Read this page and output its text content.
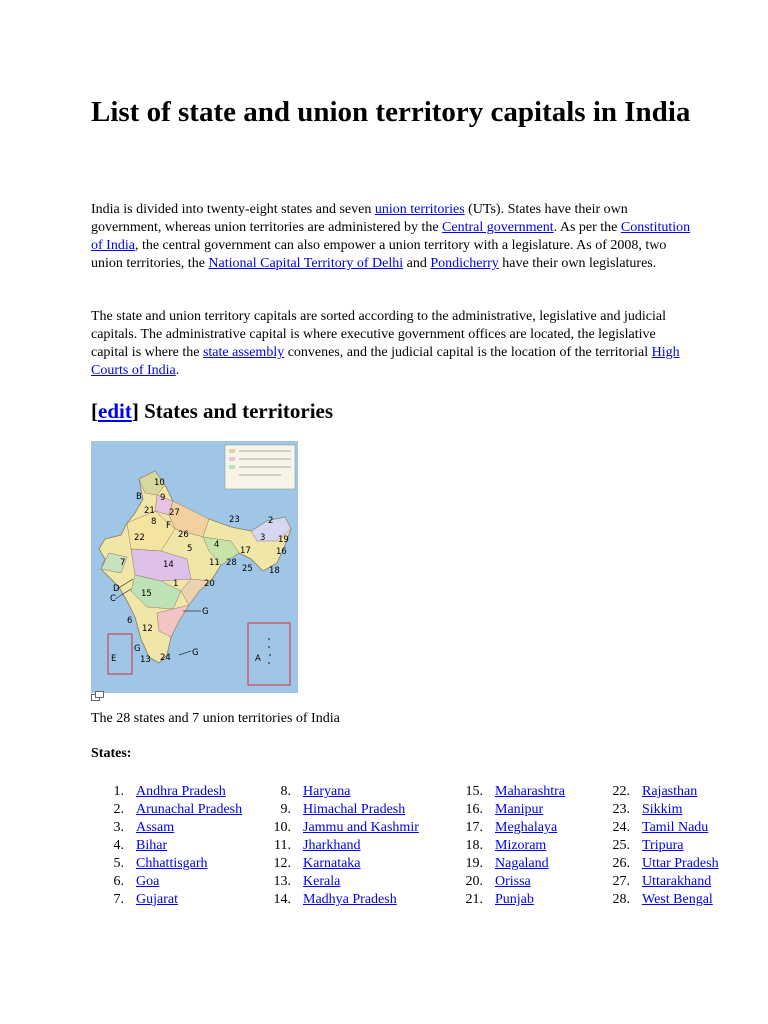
List of state and union territory capitals in India

India is divided into twenty-eight states and seven union territories (UTs). States have their own government, whereas union territories are administered by the Central government. As per the Constitution of India, the central government can also empower a union territory with a legislature. As of 2008, two union territories, the National Capital Territory of Delhi and Pondicherry have their own legislatures.

The state and union territory capitals are sorted according to the administrative, legislative and judicial capitals. The administrative capital is where executive government offices are located, the legislative capital is where the state assembly convenes, and the judicial capital is the location of the territorial High Courts of India.

[edit] States and territories
1
2
3
4
5
6
7
8
9
10
11
12
13
14
15
16
17
18
19
20
21
22
23
24
25
26
27
28
A
B
C
D
E
F
G
G	G

The 28 states and 7 union territories of India

States:

1. Andhra Pradesh
2. Arunachal Pradesh
3. Assam
4. Bihar
5. Chhattisgarh
6. Goa
7. Gujarat
8. Haryana
9. Himachal Pradesh
10. Jammu and Kashmir
11. Jharkhand
12. Karnataka
13. Kerala
14. Madhya Pradesh
15. Maharashtra
16. Manipur
17. Meghalaya
18. Mizoram
19. Nagaland
20. Orissa
21. Punjab
22. Rajasthan
23. Sikkim
24. Tamil Nadu
25. Tripura
26. Uttar Pradesh
27. Uttarakhand
28. West Bengal
